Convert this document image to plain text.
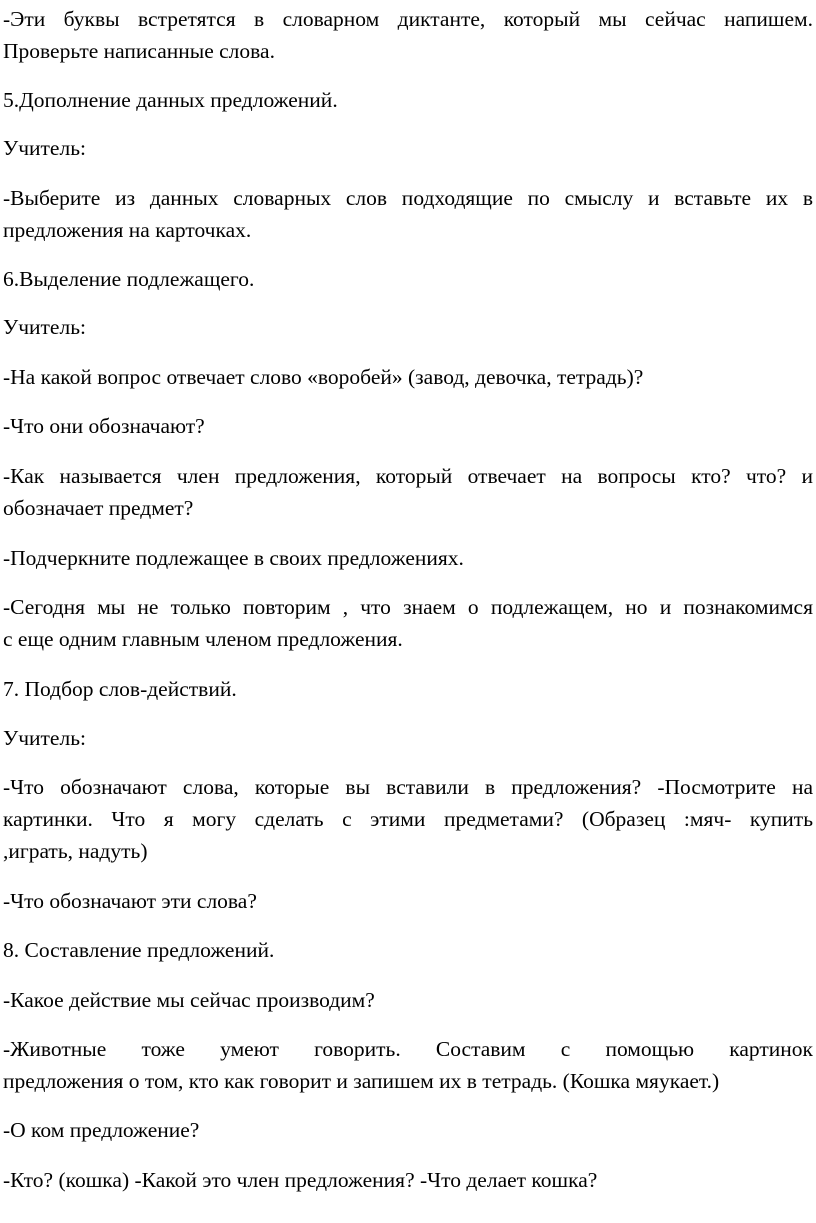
-Эти буквы встретятся в словарном диктанте, который мы сейчас напишем.

Проверьте написанные слова.

5.Дополнение данных предложений.

Учитель:

-Выберите из данных словарных слов подходящие по смыслу и вставьте их в

предложения на карточках.

6.Выделение подлежащего.

Учитель:

-На какой вопрос отвечает слово «воробей» (завод, девочка, тетрадь)?

-Что они обозначают?

-Как называется член предложения, который отвечает на вопросы кто? что? и

обозначает предмет?

-Подчеркните подлежащее в своих предложениях.

-Сегодня мы не только повторим , что знаем о подлежащем, но и познакомимся

с еще одним главным членом предложения.

7. Подбор слов-действий.

Учитель:

-Что обозначают слова, которые вы вставили в предложения? -Посмотрите на

картинки. Что я могу сделать с этими предметами? (Образец :мяч- купить

,играть, надуть)

-Что обозначают эти слова?

8. Составление предложений.

-Какое действие мы сейчас производим?

-Животные тоже умеют говорить. Составим с помощью картинок

предложения о том, кто как говорит и запишем их в тетрадь. (Кошка мяукает.)

-О ком предложение?

-Кто? (кошка) -Какой это член предложения? -Что делает кошка?
